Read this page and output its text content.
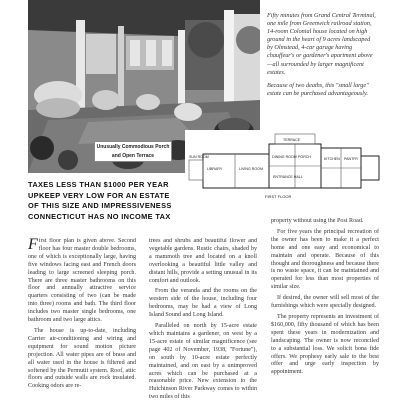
Unusually Commodious Porch and Open Terrace

Fifty minutes from Grand Central Terminal, one mile from Greenwich railroad station, 14-room Colonial house located on high ground in the heart of 9 acres landscaped by Olmstead, 4-car garage having chauffeur's or gardener's apartment above —all surrounded by larger magnificent estates.

Because of two deaths, this "small large" estate can be purchased advantageously.

LIBRARY	LIVING ROOM
SUN ROOM
TERRACE
DINING ROOM PORCH
ENTRANCE HALL
KITCHEN PANTRY
FIRST FLOOR
TAXES LESS THAN $1000 PER YEAR
UPKEEP VERY LOW FOR AN ESTATE
OF THIS SIZE AND IMPRESSIVENESS
CONNECTICUT HAS NO INCOME TAX

First floor plan is given above. Second floor has four master double bedrooms, one of which is exceptionally large, having five windows facing east and French doors leading to large screened sleeping porch. There are three master bathrooms on this floor and annually attractive service quarters consisting of two (can be made into three) rooms and bath. The third floor includes two master single bedrooms, one bathroom and two large attics.

The house is up-to-date, including Carrier air-conditioning and wiring and equipment for sound motion picture projection. All water pipes are of brass and all water used in the house is filtered and softened by the Permutit system. Roof, attic floors and outside walls are rock insulated. Cooking odors are re-

trees and shrubs and beautiful flower and vegetable gardens. Rustic chairs, shaded by a mammoth tree and located on a knoll overlooking a beautiful little valley and distant hills, provide a setting unusual in its comfort and outlook.

From the veranda and the rooms on the western side of the house, including four bedrooms, may be had a view of Long Island Sound and Long Island.

Paralleled on north by 15-acre estate which maintains a gardener, on west by a 15-acre estate of similar magnificence (see page 402 of November, 1938, "Fortune"), on south by 10-acre estate perfectly maintained, and on east by a unimproved acres which can be purchased at a reasonable price. New extension to the Hutchinson River Parkway comes to within two miles of this

property without using the Post Road.

For five years the principal recreation of the owner has been to make it a perfect home and one easy and economical to maintain and operate. Because of this thought and thoroughness and because there is no waste space, it can be maintained and operated for less than most properties of similar size.

If desired, the owner will sell most of the furnishings which were specially designed.

The property represents an investment of $160,000, fifty thousand of which has been spent these years in modernization and landscaping. The owner is now reconciled to a substantial loss. We solicit bona fide offers. We prophesy early sale to the best offer and urge early inspection by appointment.
